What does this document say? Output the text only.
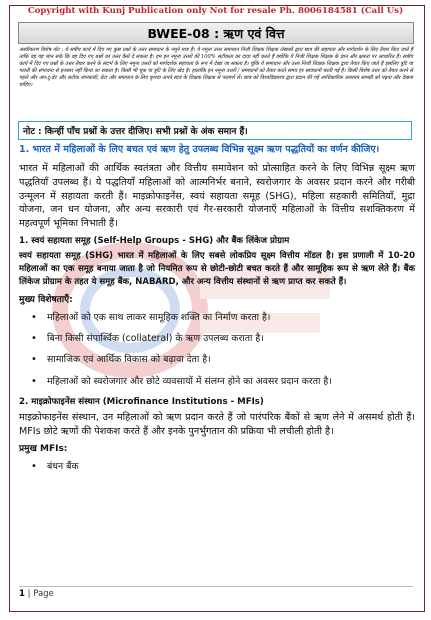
Copyright with Kunj Publication only Not for resale Ph. 8006184581 (Call Us)
BWEE-08 : ऋण एवं वित्त
अस्वीकरण विशेष नोट : ये सत्रीय कार्य में दिए गए कुछ प्रश्नों के उत्तर समाधान के नमूने मात्र हैं। ये नमूना उत्तर समाधान निजी शिक्षक शिक्षक लेखकों द्वारा छात्र की सहायता और मार्गदर्शन के लिए तैयार किए जाते हैं ताकि वह यह जान सके कि वह दिए गए प्रश्नों का उत्तर कैसे दे सकता है। हम इन नमूना उत्तरों की 100% सटीकता का दावा नहीं करते हैं क्योंकि ये निजी शिक्षक शिक्षक के ज्ञान और क्षमता पर आधारित हैं। सत्रीय कार्य में दिए गए प्रश्नों के उत्तर तैयार करने के संदर्भ के लिए नमूना उत्तरों को मार्गदर्शक सहायता के रूप में देखा जा सकता है। चूंकि ये समाधान और उत्तर निजी शिक्षक शिक्षक द्वारा तैयार किए जाते हैं इसलिए त्रुटि या गलती की संभावना से इनकार नहीं किया जा सकता है। किसी भी चूक या त्रुटि के लिए खेद है। हालांकि इन नमूना उत्तरों / समाधानों को तैयार करते समय हर सावधानी बरती गई है। किसी विशेष उत्तर को तैयार करने से पहले और अप-टू-डेट और सटीक जानकारी, डेटा और समाधान के लिए कृपया अपने स्वयं के शिक्षक शिक्षक से परामर्श लें। छात्र को विश्वविद्यालय द्वारा प्रदान की गई आधिकारिक अध्ययन सामग्री को पढ़ना और देखना चाहिए।
नोट : किन्हीं पाँच प्रश्नों के उत्तर दीजिए। सभी प्रश्नों के अंक समान हैं।

1. भारत में महिलाओं के लिए बचत एवं ऋण हेतु उपलब्ध विभिन्न सूक्ष्म ऋण पद्धतियों का वर्णन कीजिए।

भारत में महिलाओं की आर्थिक स्वतंत्रता और वित्तीय समावेशन को प्रोत्साहित करने के लिए विभिन्न सूक्ष्म ऋण पद्धतियाँ उपलब्ध हैं। ये पद्धतियाँ महिलाओं को आत्मनिर्भर बनाने, स्वरोजगार के अवसर प्रदान करने और गरीबी उन्मूलन में सहायता करती हैं। माइक्रोफाइनेंस, स्वयं सहायता समूह (SHG), महिला सहकारी समितियाँ, मुद्रा योजना, जन धन योजना, और अन्य सरकारी एवं गैर-सरकारी योजनाएँ महिलाओं के वित्तीय सशक्तिकरण में महत्वपूर्ण भूमिका निभाती हैं।

1. स्वयं सहायता समूह (Self-Help Groups - SHG) और बैंक लिंकेज प्रोग्राम

स्वयं सहायता समूह (SHG) भारत में महिलाओं के लिए सबसे लोकप्रिय सूक्ष्म वित्तीय मॉडल है। इस प्रणाली में 10-20 महिलाओं का एक समूह बनाया जाता है जो नियमित रूप से छोटी-छोटी बचत करते हैं और सामूहिक रूप से ऋण लेते हैं। बैंक लिंकेज प्रोग्राम के तहत ये समूह बैंक, NABARD, और अन्य वित्तीय संस्थानों से ऋण प्राप्त कर सकते हैं।

मुख्य विशेषताएँ:

• महिलाओं को एक साथ लाकर सामूहिक शक्ति का निर्माण करता है।
• बिना किसी संपार्श्विक (collateral) के ऋण उपलब्ध कराता है।
• सामाजिक एवं आर्थिक विकास को बढ़ावा देता है।
• महिलाओं को स्वरोजगार और छोटे व्यवसायों में संलग्न होने का अवसर प्रदान करता है।

2. माइक्रोफाइनेंस संस्थान (Microfinance Institutions - MFIs)

माइक्रोफाइनेंस संस्थान, उन महिलाओं को ऋण प्रदान करते हैं जो पारंपरिक बैंकों से ऋण लेने में असमर्थ होती हैं। MFIs छोटे ऋणों की पेशकश करते हैं और इनके पुनर्भुगतान की प्रक्रिया भी लचीली होती है।

प्रमुख MFIs:

• बंधन बैंक
1 | Page
